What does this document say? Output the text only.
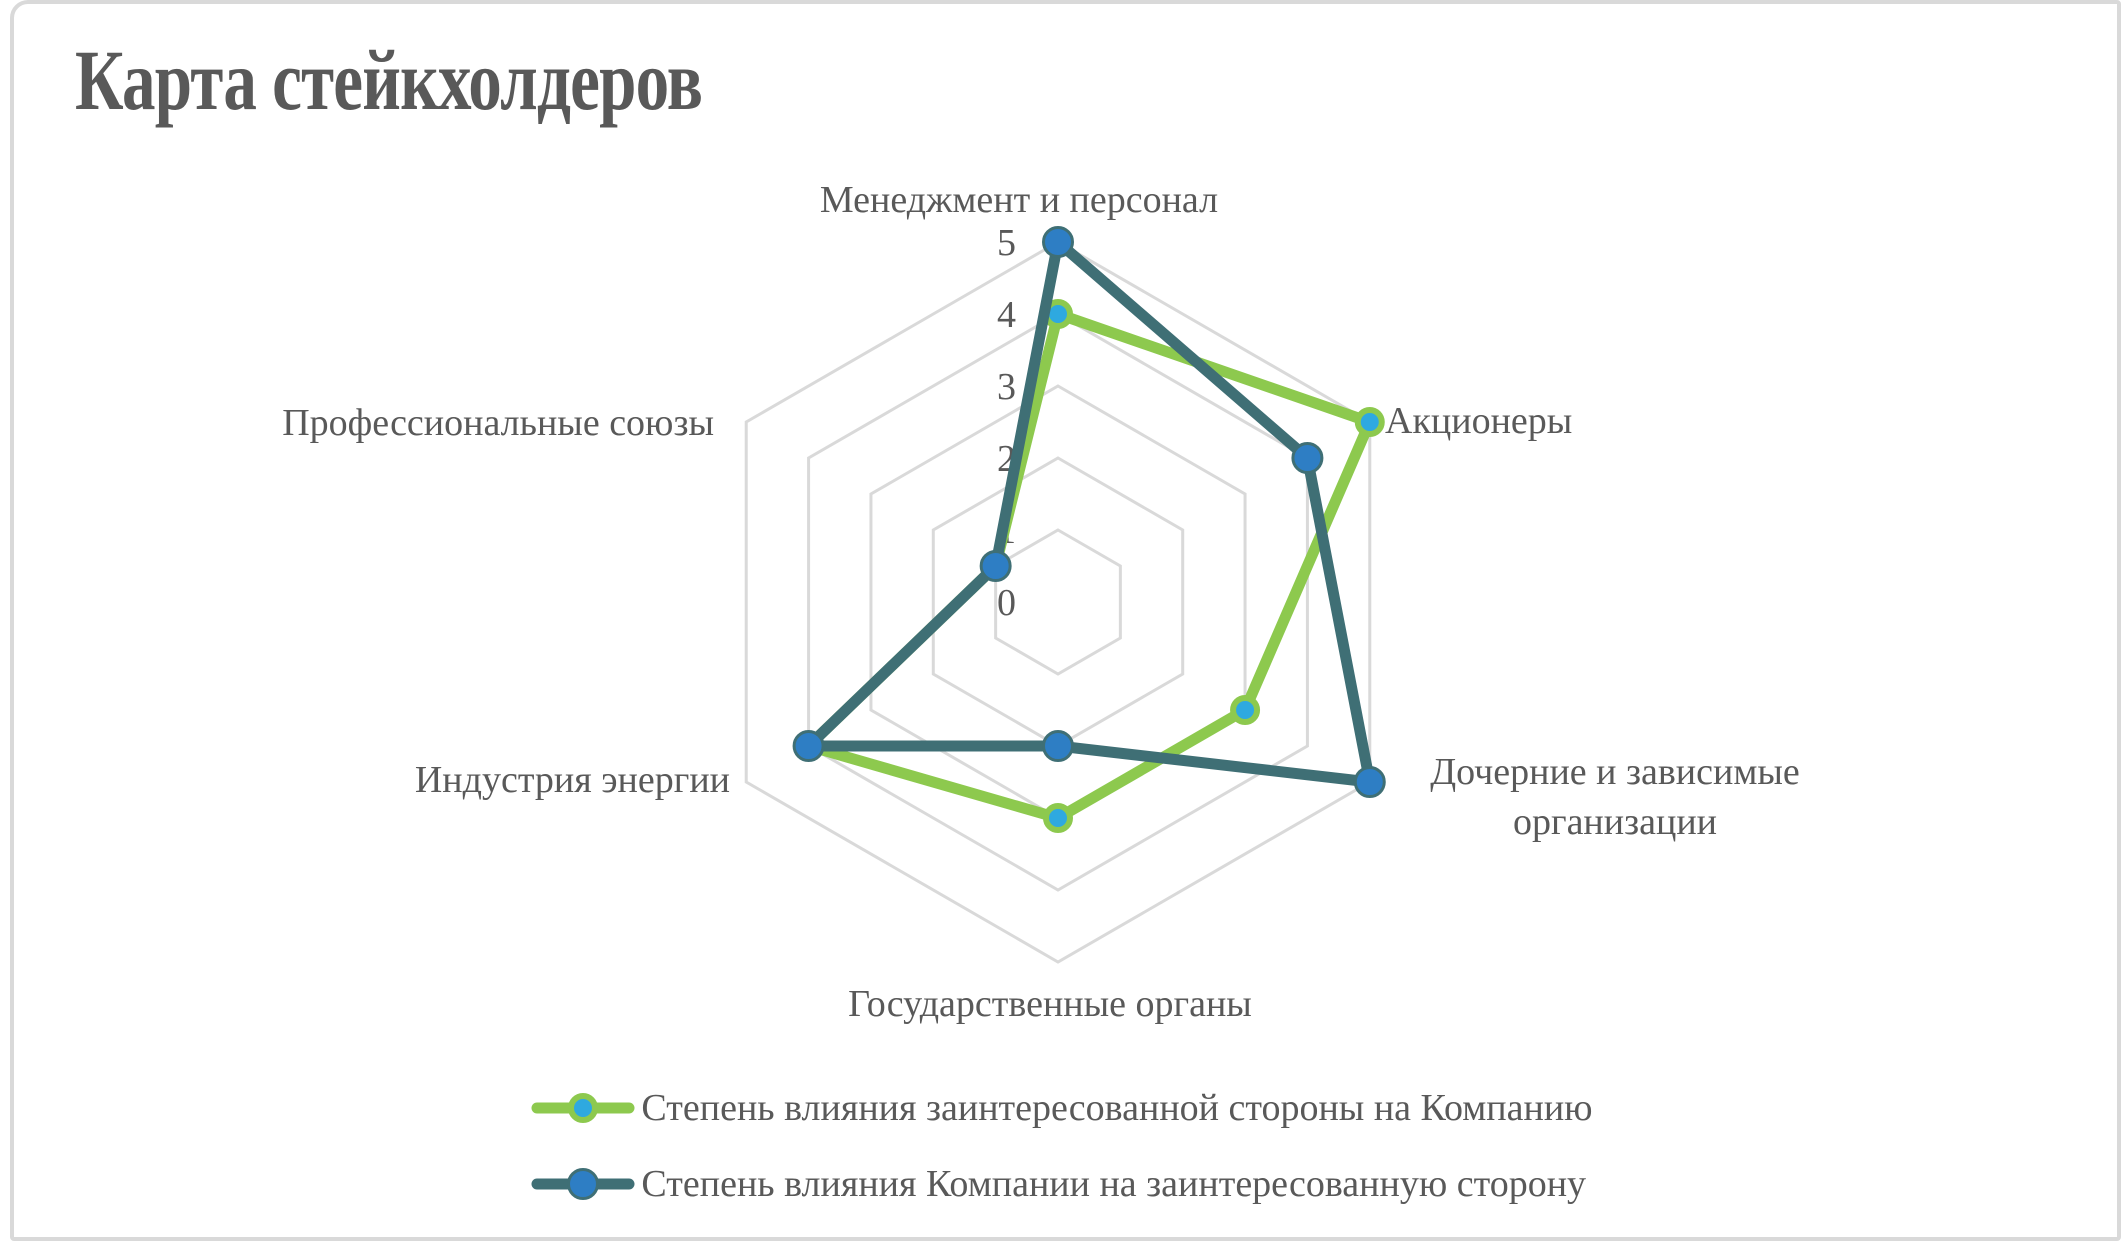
Карта стейкхолдеров
0
1
2
3
4
5
Менеджмент и персонал
Акционеры
Дочерние и зависимые
организации
Государственные органы
Индустрия энергии
Профессиональные союзы
Степень влияния заинтересованной стороны на Компанию
Степень влияния Компании на заинтересованную сторону
